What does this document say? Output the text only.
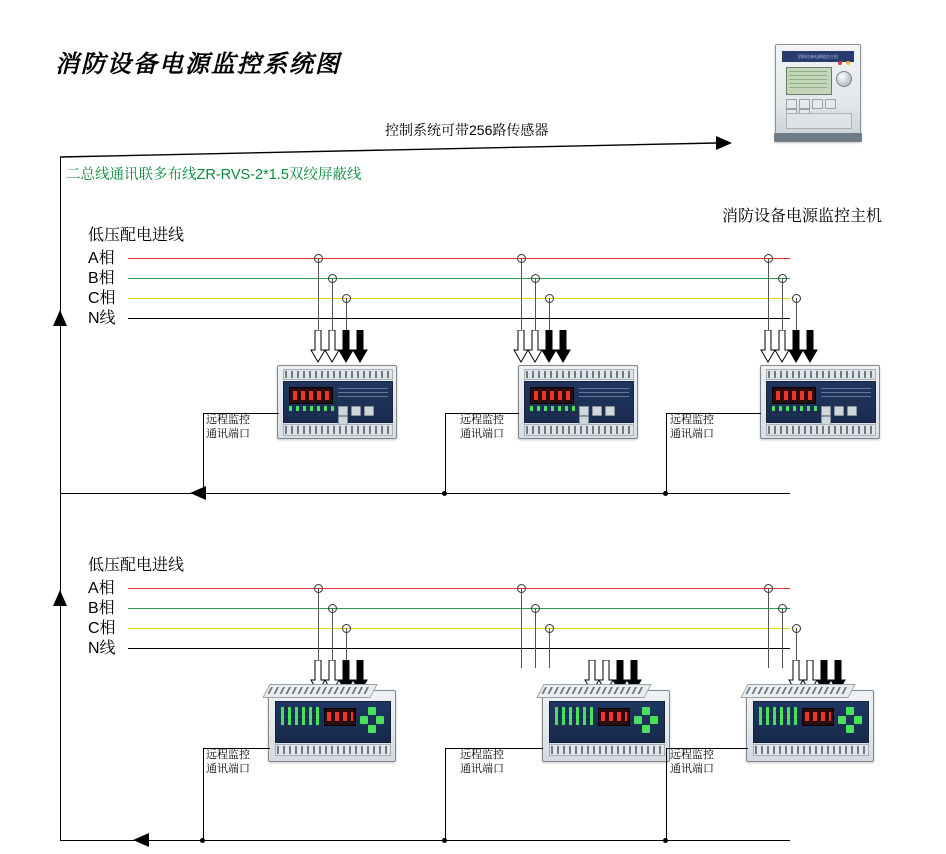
消防设备电源监控系统图	消防设备电源监控主机
消防设备电源监控主机
控制系统可带256路传感器
二总线通讯联多布线ZR-RVS-2*1.5双绞屏蔽线
低压配电进线
A相
B相
C相
N线
远程监控
通讯端口
远程监控
通讯端口
远程监控
通讯端口
低压配电进线
A相
B相
C相
N线
远程监控
通讯端口
远程监控
通讯端口
远程监控
通讯端口
